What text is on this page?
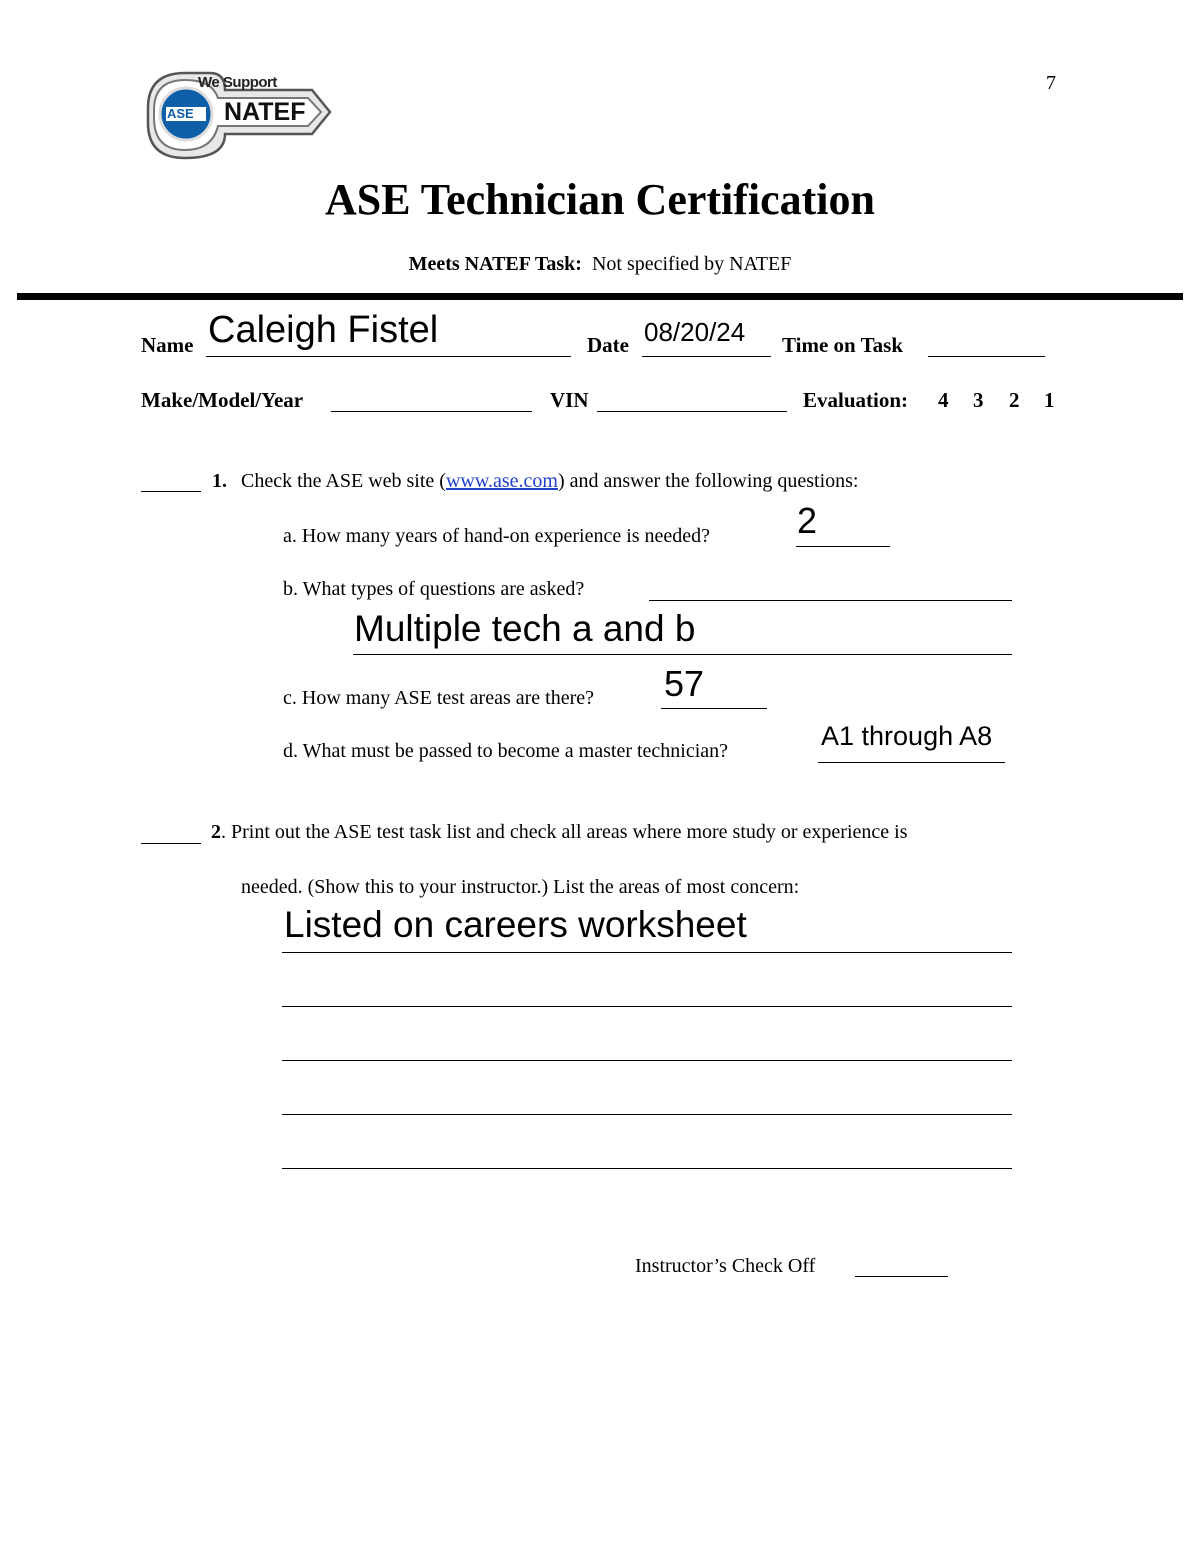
7
We Support
ASE NATEF
ASE Technician Certification
Meets NATEF Task: Not specified by NATEF
Name Caleigh Fistel	Date 08/20/24 Time on Task
Make/Model/Year	VIN	Evaluation: 4 3 2 1
1. Check the ASE web site (www.ase.com) and answer the following questions:
a. How many years of hand-on experience is needed? 2
b. What types of questions are asked?
Multiple tech a and b
c. How many ASE test areas are there? 57
d. What must be passed to become a master technician?	A1 through A8
2. Print out the ASE test task list and check all areas where more study or experience is
needed. (Show this to your instructor.) List the areas of most concern:
Listed on careers worksheet
Instructor’s Check Off
